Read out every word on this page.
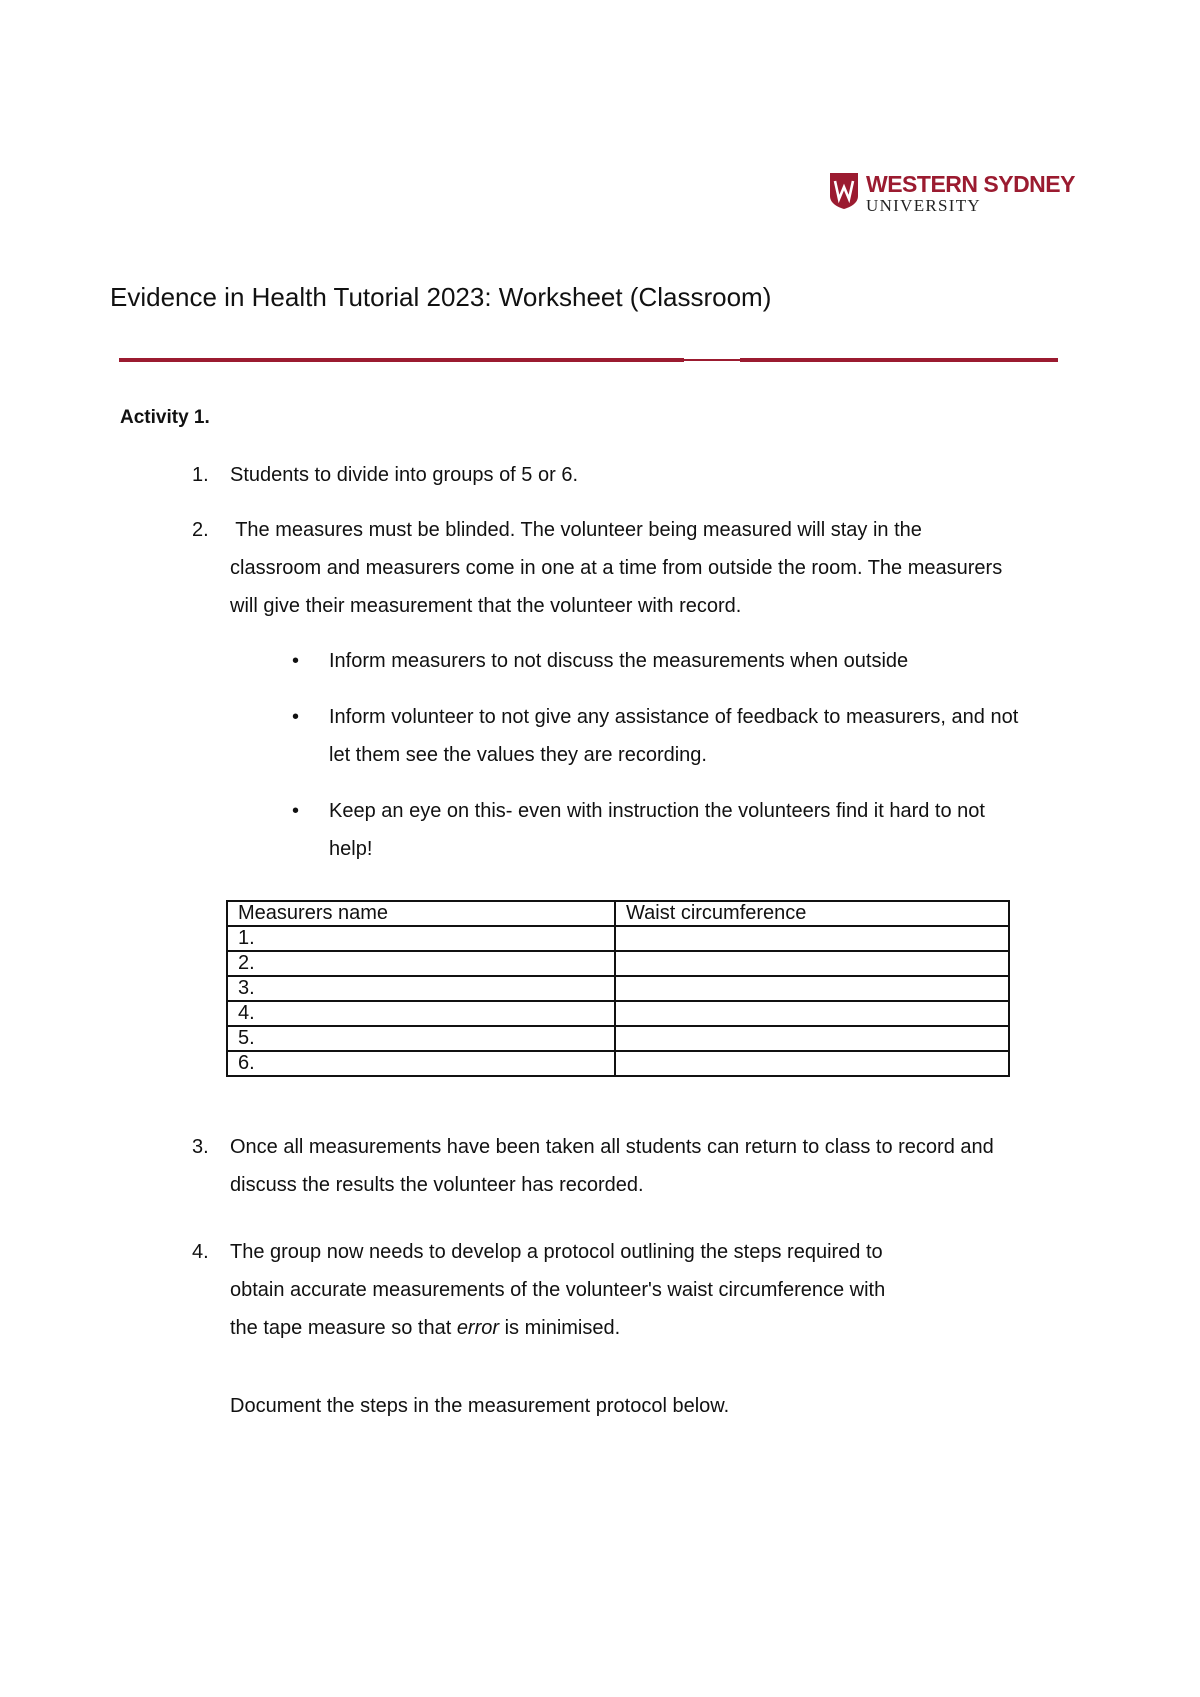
WESTERN SYDNEY
UNIVERSITY
Evidence in Health Tutorial 2023: Worksheet (Classroom)
Activity 1.
1. Students to divide into groups of 5 or 6.
2. The measures must be blinded. The volunteer being measured will stay in the
classroom and measurers come in one at a time from outside the room. The measurers
will give their measurement that the volunteer with record.
• Inform measurers to not discuss the measurements when outside
• Inform volunteer to not give any assistance of feedback to measurers, and not
let them see the values they are recording.
• Keep an eye on this- even with instruction the volunteers find it hard to not
help!
Measurers name	Waist circumference
1.	
2.	
3.	
4.	
5.	
6.	
3. Once all measurements have been taken all students can return to class to record and
discuss the results the volunteer has recorded.
4. The group now needs to develop a protocol outlining the steps required to
obtain accurate measurements of the volunteer's waist circumference with
the tape measure so that error is minimised.
Document the steps in the measurement protocol below.
